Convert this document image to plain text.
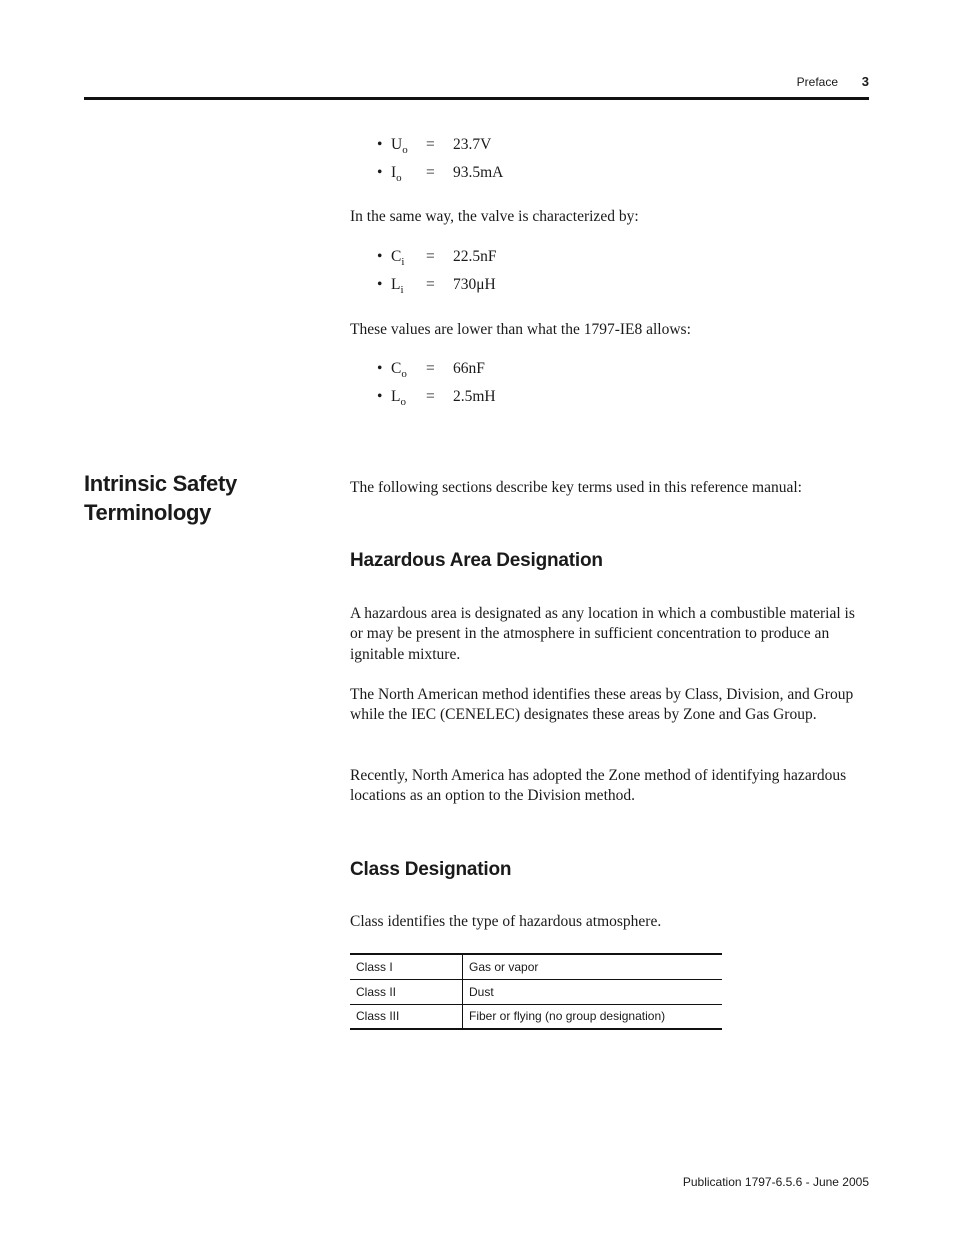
Preface 3
• $U_o = 23.7V$
• $I_o = 93.5mA$

In the same way, the valve is characterized by:

• $C_i = 22.5nF$
• $L_i = 730\mu H$

These values are lower than what the 1797-IE8 allows:

• $C_o = 66nF$
• $L_o = 2.5mH$
Intrinsic Safety Terminology

The following sections describe key terms used in this reference manual:

Hazardous Area Designation

A hazardous area is designated as any location in which a combustible material is or may be present in the atmosphere in sufficient concentration to produce an ignitable mixture.

The North American method identifies these areas by Class, Division, and Group while the IEC (CENELEC) designates these areas by Zone and Gas Group.

Recently, North America has adopted the Zone method of identifying hazardous locations as an option to the Division method.

Class Designation

Class identifies the type of hazardous atmosphere.

Class I	Gas or vapor
Class II	Dust
Class III	Fiber or flying (no group designation)
Publication 1797-6.5.6 - June 2005
